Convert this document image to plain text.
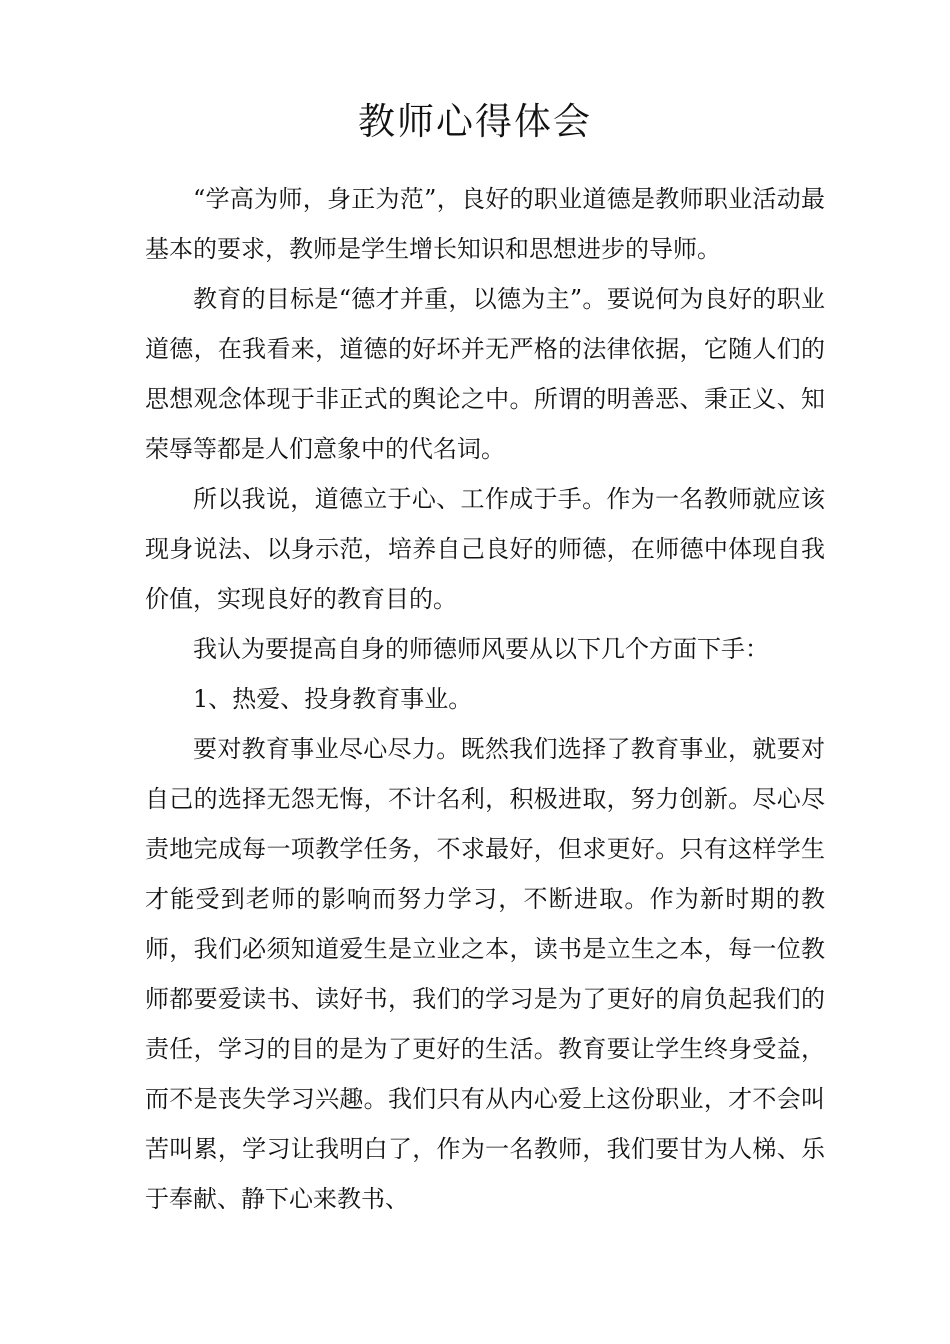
教师心得体会

“学高为师，身正为范”，良好的职业道德是教师职业活动最基本的要求，教师是学生增长知识和思想进步的导师。

教育的目标是“德才并重，以德为主”。要说何为良好的职业道德，在我看来，道德的好坏并无严格的法律依据，它随人们的思想观念体现于非正式的舆论之中。所谓的明善恶、秉正义、知荣辱等都是人们意象中的代名词。

所以我说，道德立于心、工作成于手。作为一名教师就应该现身说法、以身示范，培养自己良好的师德，在师德中体现自我价值，实现良好的教育目的。

我认为要提高自身的师德师风要从以下几个方面下手：

1、热爱、投身教育事业。

要对教育事业尽心尽力。既然我们选择了教育事业，就要对自己的选择无怨无悔，不计名利，积极进取，努力创新。尽心尽责地完成每一项教学任务，不求最好，但求更好。只有这样学生才能受到老师的影响而努力学习，不断进取。作为新时期的教师，我们必须知道爱生是立业之本，读书是立生之本，每一位教师都要爱读书、读好书，我们的学习是为了更好的肩负起我们的责任，学习的目的是为了更好的生活。教育要让学生终身受益，而不是丧失学习兴趣。我们只有从内心爱上这份职业，才不会叫苦叫累，学习让我明白了，作为一名教师，我们要甘为人梯、乐于奉献、静下心来教书、
